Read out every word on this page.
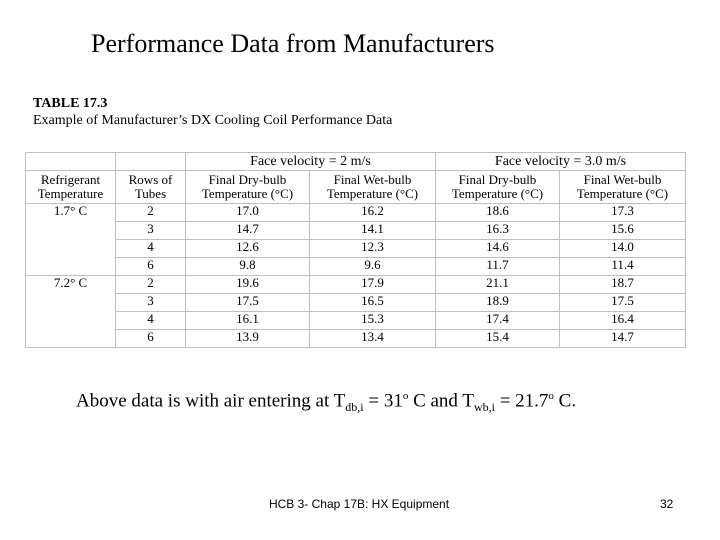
Performance Data from Manufacturers
TABLE 17.3
Example of Manufacturer’s DX Cooling Coil Performance Data
		Face velocity = 2 m/s		Face velocity = 3.0 m/s	
Refrigerant Temperature	Rows of Tubes	Final Dry-bulb Temperature (°C)	Final Wet-bulb Temperature (°C)	Final Dry-bulb Temperature (°C)	Final Wet-bulb Temperature (°C)
1.7° C	2	17.0	16.2	18.6	17.3
	3	14.7	14.1	16.3	15.6
	4	12.6	12.3	14.6	14.0
	6	9.8	9.6	11.7	11.4
7.2° C	2	19.6	17.9	21.1	18.7
	3	17.5	16.5	18.9	17.5
	4	16.1	15.3	17.4	16.4
	6	13.9	13.4	15.4	14.7
Above data is with air entering at $T_{db,i} = 31^o$ C and $T_{wb,i} = 21.7^o$ C.
HCB 3- Chap 17B: HX Equipment	32
